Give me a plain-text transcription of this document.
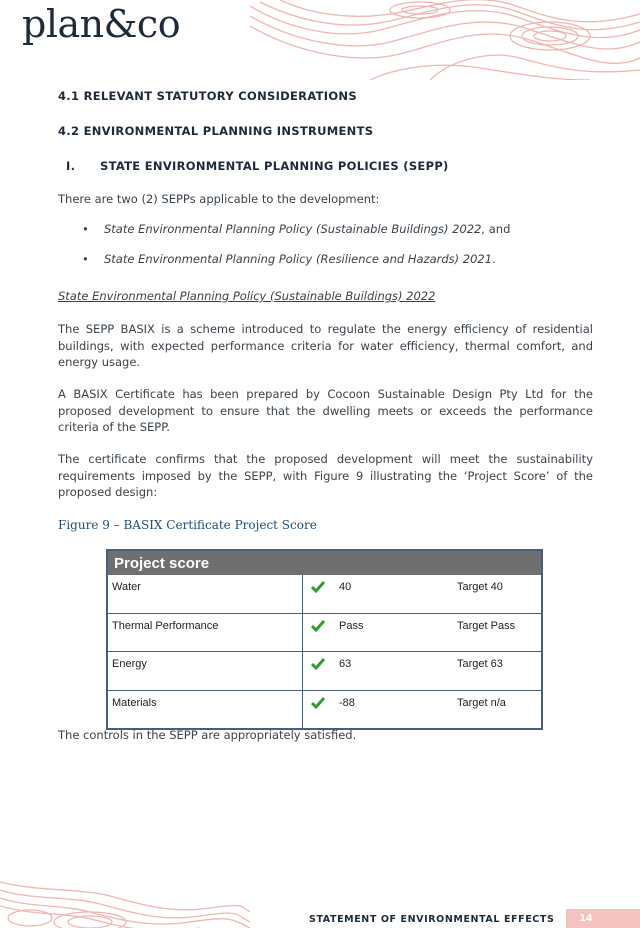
plan&co
4.1 RELEVANT STATUTORY CONSIDERATIONS
4.2 ENVIRONMENTAL PLANNING INSTRUMENTS
I. STATE ENVIRONMENTAL PLANNING POLICIES (SEPP)
There are two (2) SEPPs applicable to the development:
• State Environmental Planning Policy (Sustainable Buildings) 2022, and
• State Environmental Planning Policy (Resilience and Hazards) 2021.
State Environmental Planning Policy (Sustainable Buildings) 2022
The SEPP BASIX is a scheme introduced to regulate the energy efficiency of residential buildings, with expected performance criteria for water efficiency, thermal comfort, and energy usage.
A BASIX Certificate has been prepared by Cocoon Sustainable Design Pty Ltd for the proposed development to ensure that the dwelling meets or exceeds the performance criteria of the SEPP.
The certificate confirms that the proposed development will meet the sustainability requirements imposed by the SEPP, with Figure 9 illustrating the ‘Project Score’ of the proposed design:
Figure 9 – BASIX Certificate Project Score
Project score			
Water		40	Target 40
Thermal Performance		Pass	Target Pass
Energy		63	Target 63
Materials		-88	Target n/a
The controls in the SEPP are appropriately satisfied.
STATEMENT OF ENVIRONMENTAL EFFECTS	14
